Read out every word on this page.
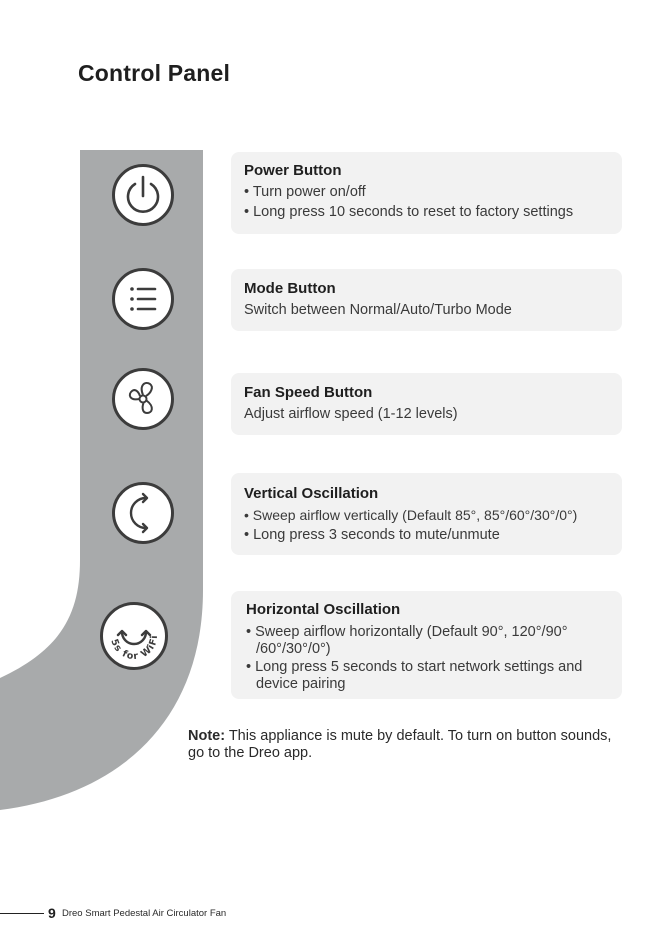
Control Panel
5s for WiFi
Power Button
• Turn power on/off
• Long press 10 seconds to reset to factory settings
Mode Button
Switch between Normal/Auto/Turbo Mode
Fan Speed Button
Adjust airflow speed (1-12 levels)
Vertical Oscillation
• Sweep airflow vertically (Default 85°, 85°/60°/30°/0°)
• Long press 3 seconds to mute/unmute
Horizontal Oscillation
• Sweep airflow horizontally (Default 90°, 120°/90° /60°/30°/0°)
• Long press 5 seconds to start network settings and device pairing
Note: This appliance is mute by default. To turn on button sounds, go to the Dreo app.
9 Dreo Smart Pedestal Air Circulator Fan
